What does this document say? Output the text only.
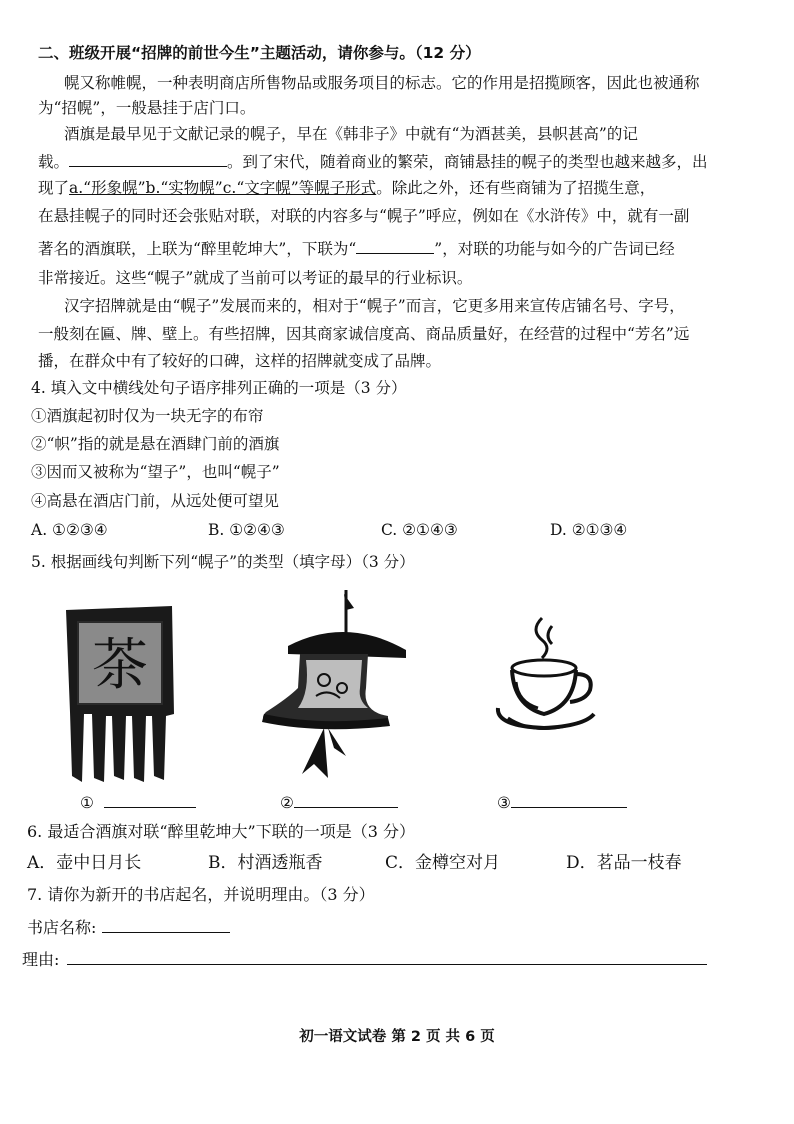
二、班级开展“招牌的前世今生”主题活动，请你参与。（12 分）
幌又称帷幌，一种表明商店所售物品或服务项目的标志。它的作用是招揽顾客，因此也被通称
为“招幌”，一般悬挂于店门口。
酒旗是最早见于文献记录的幌子，早在《韩非子》中就有“为酒甚美，县帜甚高”的记
载。	。到了宋代，随着商业的繁荣，商铺悬挂的幌子的类型也越来越多，出
现了a.“形象幌”b.“实物幌”c.“文字幌”等幌子形式。除此之外，还有些商铺为了招揽生意，
在悬挂幌子的同时还会张贴对联，对联的内容多与“幌子”呼应，例如在《水浒传》中，就有一副
著名的酒旗联，上联为“醉里乾坤大”，下联为“	”，对联的功能与如今的广告词已经
非常接近。这些“幌子”就成了当前可以考证的最早的行业标识。
汉字招牌就是由“幌子”发展而来的，相对于“幌子”而言，它更多用来宣传店铺名号、字号，
一般刻在匾、牌、壁上。有些招牌，因其商家诚信度高、商品质量好，在经营的过程中“芳名”远
播，在群众中有了较好的口碑，这样的招牌就变成了品牌。
4. 填入文中横线处句子语序排列正确的一项是（3 分）
①酒旗起初时仅为一块无字的布帘
②“帜”指的就是悬在酒肆门前的酒旗
③因而又被称为“望子”，也叫“幌子”
④高悬在酒店门前，从远处便可望见
A. ①②③④	B. ①②④③	C. ②①④③	D. ②①③④
5. 根据画线句判断下列“幌子”的类型（填字母）（3 分）
茶
①	②	③
6. 最适合酒旗对联“醉里乾坤大”下联的一项是（3 分）
A．壶中日月长	B．村酒透瓶香	C．金樽空对月	D．茗品一枝春
7. 请你为新开的书店起名，并说明理由。（3 分）
书店名称:
理由:
初一语文试卷 第 2 页 共 6 页
